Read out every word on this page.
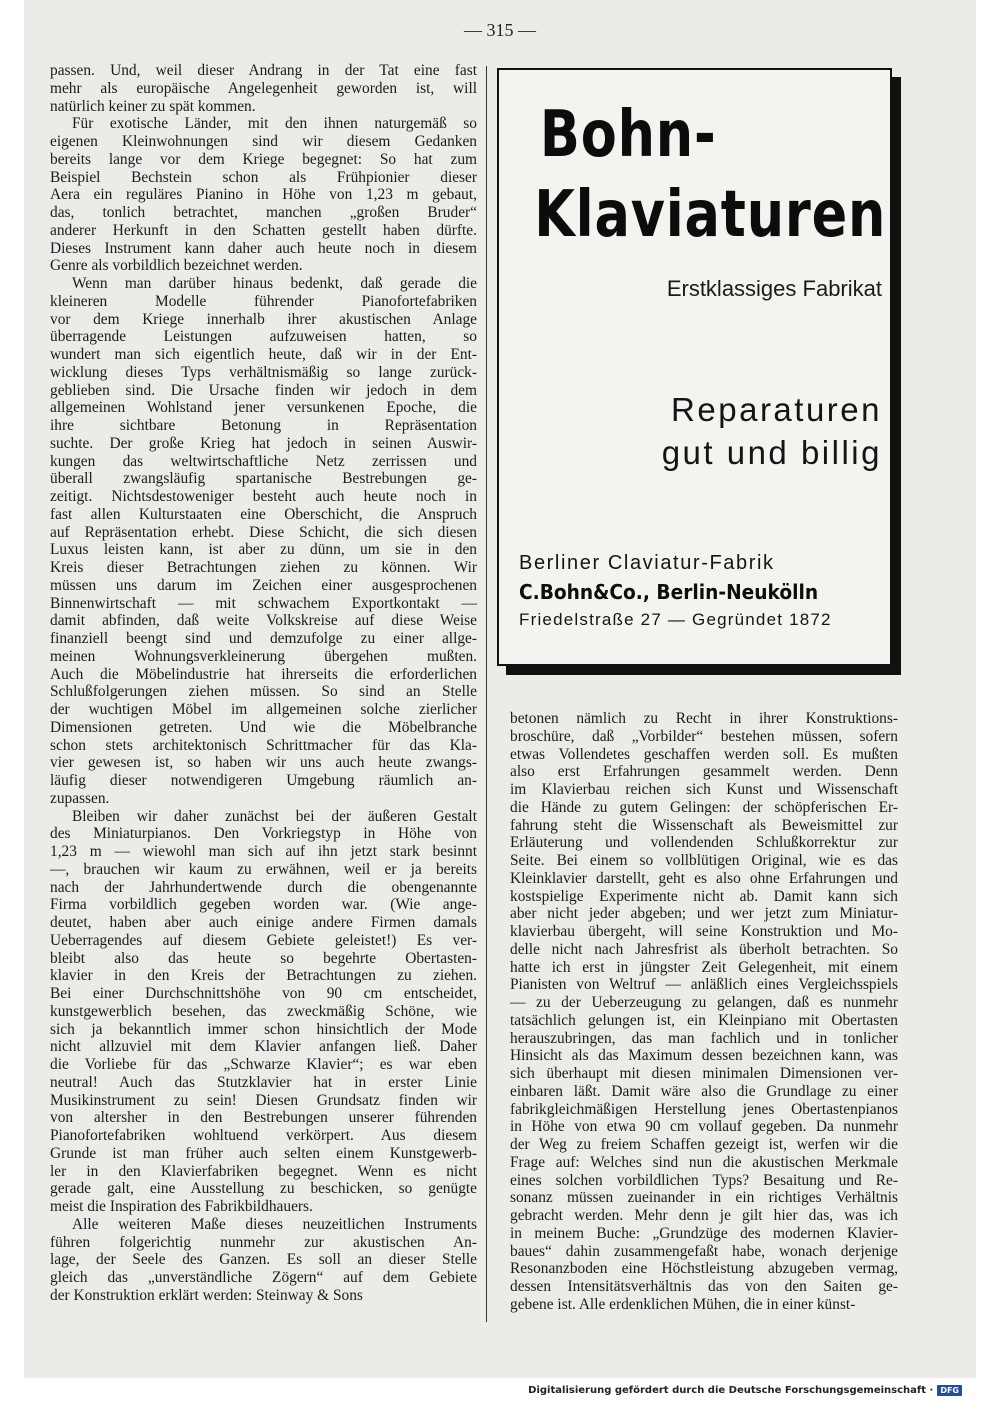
— 315 —

passen. Und, weil dieser Andrang in der Tat eine fast

mehr als europäische Angelegenheit geworden ist, will

natürlich keiner zu spät kommen.

Für exotische Länder, mit den ihnen naturgemäß so

eigenen Kleinwohnungen sind wir diesem Gedanken

bereits lange vor dem Kriege begegnet: So hat zum

Beispiel Bechstein schon als Frühpionier dieser

Aera ein reguläres Pianino in Höhe von 1,23 m gebaut,

das, tonlich betrachtet, manchen „großen Bruder“

anderer Herkunft in den Schatten gestellt haben dürfte.

Dieses Instrument kann daher auch heute noch in diesem

Genre als vorbildlich bezeichnet werden.

Wenn man darüber hinaus bedenkt, daß gerade die

kleineren Modelle führender Pianofortefabriken

vor dem Kriege innerhalb ihrer akustischen Anlage

überragende Leistungen aufzuweisen hatten, so

wundert man sich eigentlich heute, daß wir in der Ent-

wicklung dieses Typs verhältnismäßig so lange zurück-

geblieben sind. Die Ursache finden wir jedoch in dem

allgemeinen Wohlstand jener versunkenen Epoche, die

ihre sichtbare Betonung in Repräsentation

suchte. Der große Krieg hat jedoch in seinen Auswir-

kungen das weltwirtschaftliche Netz zerrissen und

überall zwangsläufig spartanische Bestrebungen ge-

zeitigt. Nichtsdestoweniger besteht auch heute noch in

fast allen Kulturstaaten eine Oberschicht, die Anspruch

auf Repräsentation erhebt. Diese Schicht, die sich diesen

Luxus leisten kann, ist aber zu dünn, um sie in den

Kreis dieser Betrachtungen ziehen zu können. Wir

müssen uns darum im Zeichen einer ausgesprochenen

Binnenwirtschaft — mit schwachem Exportkontakt —

damit abfinden, daß weite Volkskreise auf diese Weise

finanziell beengt sind und demzufolge zu einer allge-

meinen Wohnungsverkleinerung übergehen mußten.

Auch die Möbelindustrie hat ihrerseits die erforderlichen

Schlußfolgerungen ziehen müssen. So sind an Stelle

der wuchtigen Möbel im allgemeinen solche zierlicher

Dimensionen getreten. Und wie die Möbelbranche

schon stets architektonisch Schrittmacher für das Kla-

vier gewesen ist, so haben wir uns auch heute zwangs-

läufig dieser notwendigeren Umgebung räumlich an-

zupassen.

Bleiben wir daher zunächst bei der äußeren Gestalt

des Miniaturpianos. Den Vorkriegstyp in Höhe von

1,23 m — wiewohl man sich auf ihn jetzt stark besinnt

—, brauchen wir kaum zu erwähnen, weil er ja bereits

nach der Jahrhundertwende durch die obengenannte

Firma vorbildlich gegeben worden war. (Wie ange-

deutet, haben aber auch einige andere Firmen damals

Ueberragendes auf diesem Gebiete geleistet!) Es ver-

bleibt also das heute so begehrte Obertasten-

klavier in den Kreis der Betrachtungen zu ziehen.

Bei einer Durchschnittshöhe von 90 cm entscheidet,

kunstgewerblich besehen, das zweckmäßig Schöne, wie

sich ja bekanntlich immer schon hinsichtlich der Mode

nicht allzuviel mit dem Klavier anfangen ließ. Daher

die Vorliebe für das „Schwarze Klavier“; es war eben

neutral! Auch das Stutzklavier hat in erster Linie

Musikinstrument zu sein! Diesen Grundsatz finden wir

von altersher in den Bestrebungen unserer führenden

Pianofortefabriken wohltuend verkörpert. Aus diesem

Grunde ist man früher auch selten einem Kunstgewerb-

ler in den Klavierfabriken begegnet. Wenn es nicht

gerade galt, eine Ausstellung zu beschicken, so genügte

meist die Inspiration des Fabrikbildhauers.

Alle weiteren Maße dieses neuzeitlichen Instruments

führen folgerichtig nunmehr zur akustischen An-

lage, der Seele des Ganzen. Es soll an dieser Stelle

gleich das „unverständliche Zögern“ auf dem Gebiete

der Konstruktion erklärt werden: Steinway & Sons

Bohn-
Klaviaturen
Erstklassiges Fabrikat
Reparaturen
gut und billig
Berliner Claviatur-Fabrik
C.Bohn&Co., Berlin-Neukölln
Friedelstraße 27 — Gegründet 1872

betonen nämlich zu Recht in ihrer Konstruktions-

broschüre, daß „Vorbilder“ bestehen müssen, sofern

etwas Vollendetes geschaffen werden soll. Es mußten

also erst Erfahrungen gesammelt werden. Denn

im Klavierbau reichen sich Kunst und Wissenschaft

die Hände zu gutem Gelingen: der schöpferischen Er-

fahrung steht die Wissenschaft als Beweismittel zur

Erläuterung und vollendenden Schlußkorrektur zur

Seite. Bei einem so vollblütigen Original, wie es das

Kleinklavier darstellt, geht es also ohne Erfahrungen und

kostspielige Experimente nicht ab. Damit kann sich

aber nicht jeder abgeben; und wer jetzt zum Miniatur-

klavierbau übergeht, will seine Konstruktion und Mo-

delle nicht nach Jahresfrist als überholt betrachten. So

hatte ich erst in jüngster Zeit Gelegenheit, mit einem

Pianisten von Weltruf — anläßlich eines Vergleichsspiels

— zu der Ueberzeugung zu gelangen, daß es nunmehr

tatsächlich gelungen ist, ein Kleinpiano mit Obertasten

herauszubringen, das man fachlich und in tonlicher

Hinsicht als das Maximum dessen bezeichnen kann, was

sich überhaupt mit diesen minimalen Dimensionen ver-

einbaren läßt. Damit wäre also die Grundlage zu einer

fabrikgleichmäßigen Herstellung jenes Obertastenpianos

in Höhe von etwa 90 cm vollauf gegeben. Da nunmehr

der Weg zu freiem Schaffen gezeigt ist, werfen wir die

Frage auf: Welches sind nun die akustischen Merkmale

eines solchen vorbildlichen Typs? Besaitung und Re-

sonanz müssen zueinander in ein richtiges Verhältnis

gebracht werden. Mehr denn je gilt hier das, was ich

in meinem Buche: „Grundzüge des modernen Klavier-

baues“ dahin zusammengefaßt habe, wonach derjenige

Resonanzboden eine Höchstleistung abzugeben vermag,

dessen Intensitätsverhältnis das von den Saiten ge-

gebene ist. Alle erdenklichen Mühen, die in einer künst-

Digitalisierung gefördert durch die Deutsche Forschungsgemeinschaft · DFG
